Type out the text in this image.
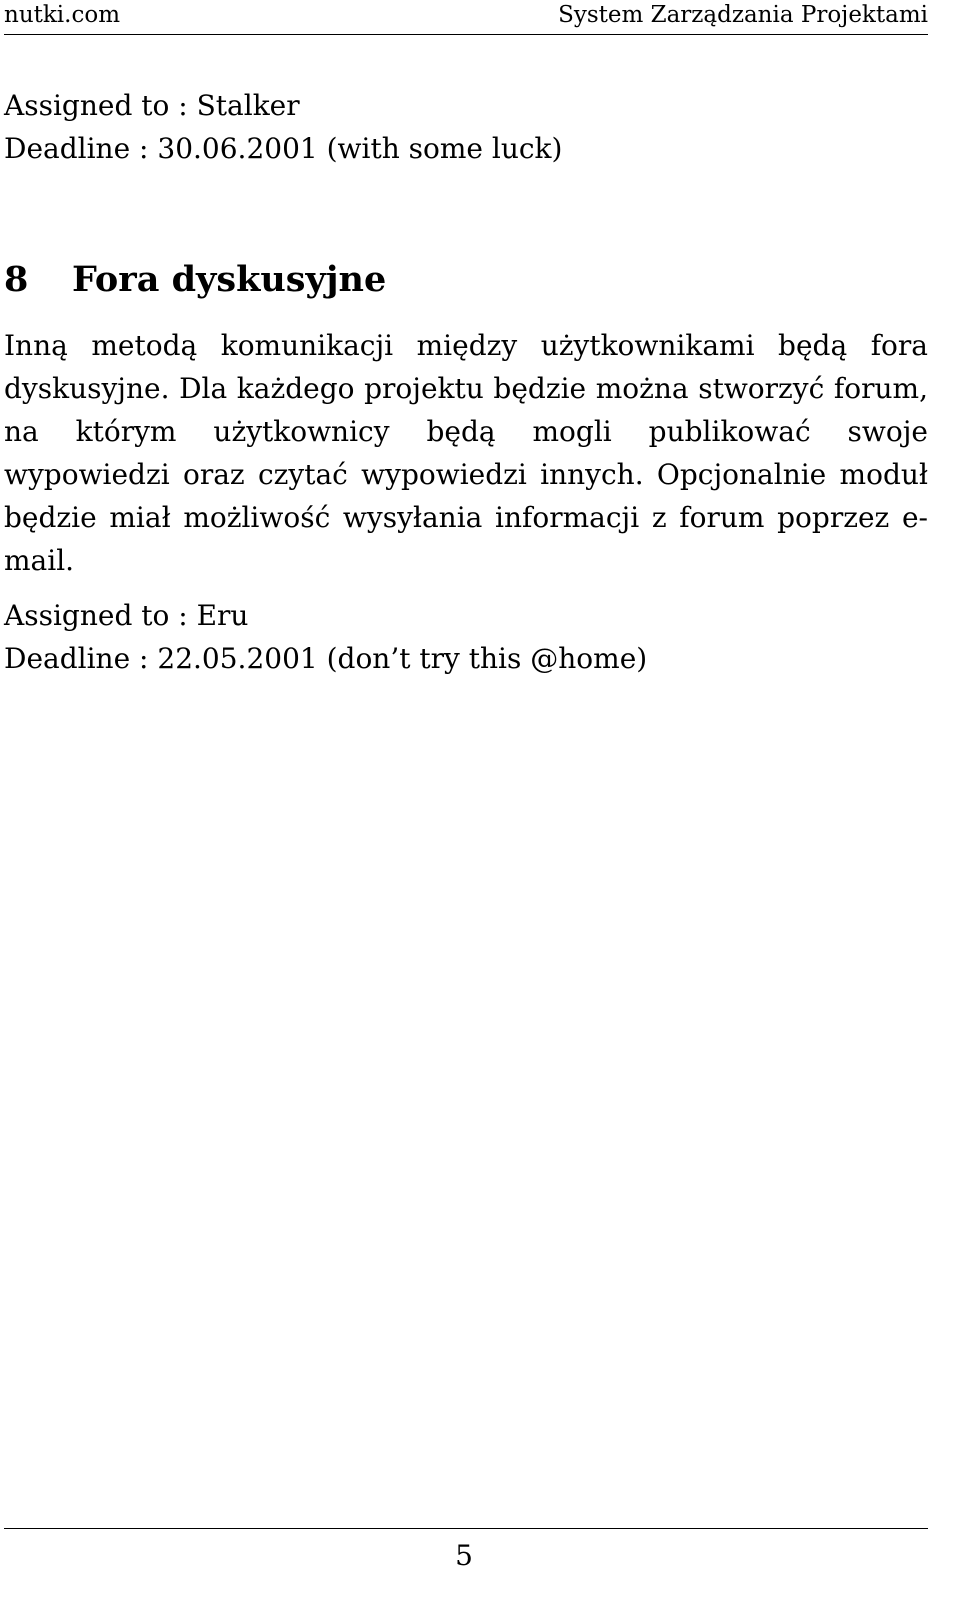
nutki.com	System Zarządzania Projektami
Assigned to : Stalker
Deadline : 30.06.2001 (with some luck)
8 Fora dyskusyjne

Inną metodą komunikacji między użytkownikami będą fora dyskusyjne. Dla każdego projektu będzie można stworzyć forum, na którym użytkownicy będą mogli publikować swoje wypowiedzi oraz czytać wypowiedzi innych. Opcjonalnie moduł będzie miał możliwość wysyłania informacji z forum poprzez e-mail.

Assigned to : Eru
Deadline : 22.05.2001 (don’t try this @home)
5
